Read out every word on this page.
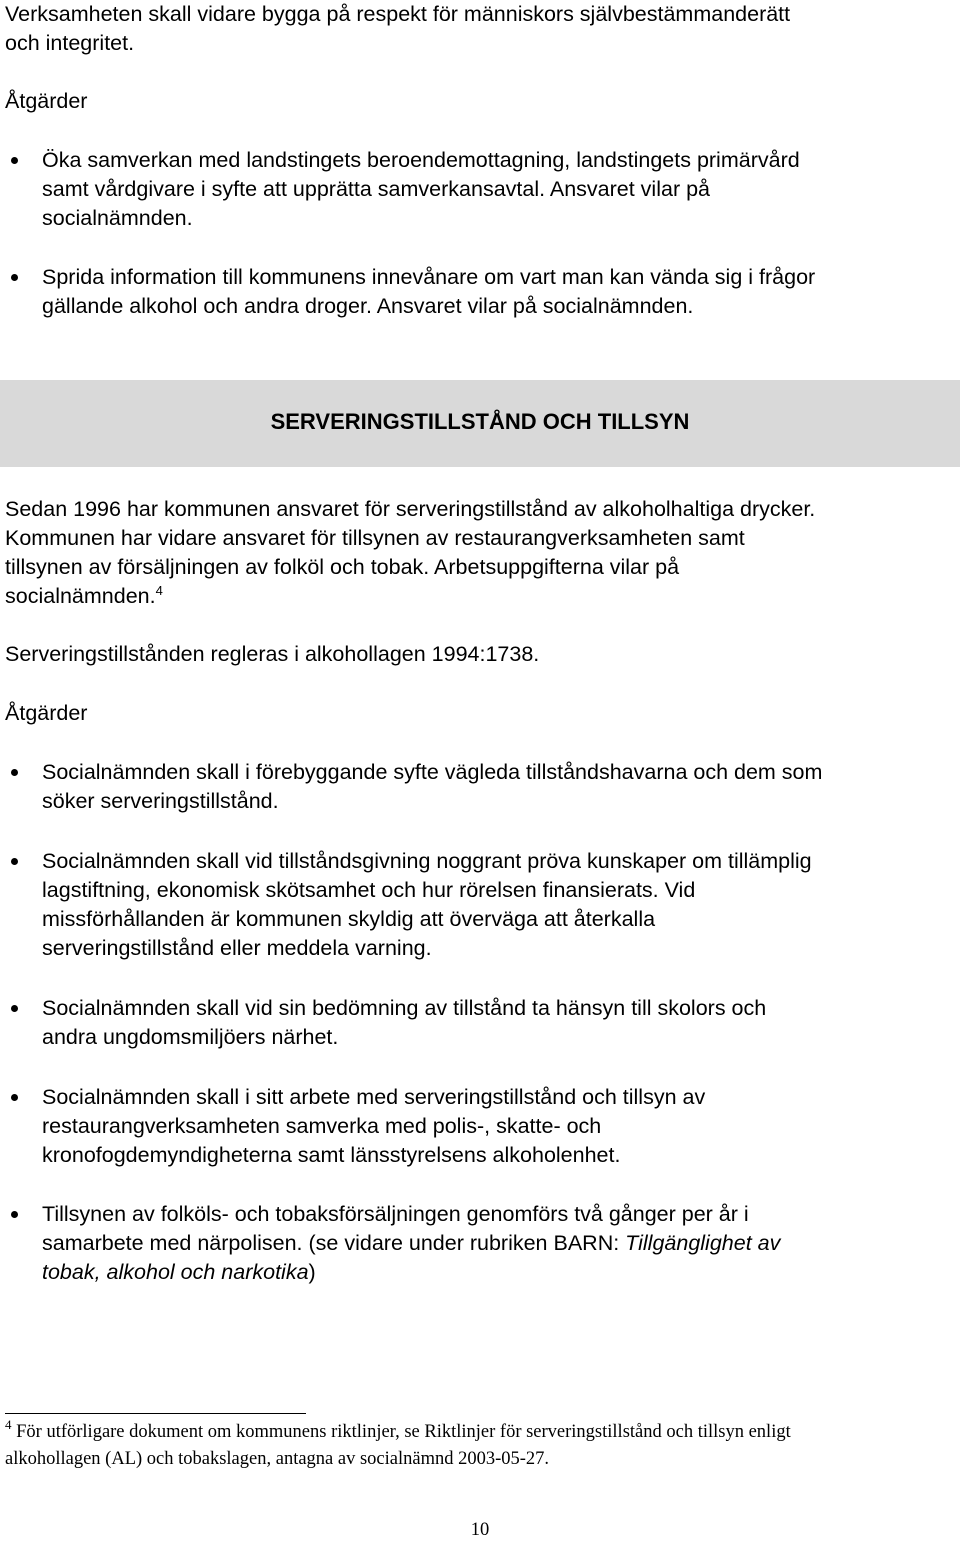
Verksamheten skall vidare bygga på respekt för människors självbestämmanderätt
och integritet.
Åtgärder
Öka samverkan med landstingets beroendemottagning, landstingets primärvård
samt vårdgivare i syfte att upprätta samverkansavtal. Ansvaret vilar på
socialnämnden.
Sprida information till kommunens innevånare om vart man kan vända sig i frågor
gällande alkohol och andra droger. Ansvaret vilar på socialnämnden.
SERVERINGSTILLSTÅND OCH TILLSYN
Sedan 1996 har kommunen ansvaret för serveringstillstånd av alkoholhaltiga drycker.
Kommunen har vidare ansvaret för tillsynen av restaurangverksamheten samt
tillsynen av försäljningen av folköl och tobak. Arbetsuppgifterna vilar på
socialnämnden.$^4$
Serveringstillstånden regleras i alkohollagen 1994:1738.
Åtgärder
Socialnämnden skall i förebyggande syfte vägleda tillståndshavarna och dem som
söker serveringstillstånd.
Socialnämnden skall vid tillståndsgivning noggrant pröva kunskaper om tillämplig
lagstiftning, ekonomisk skötsamhet och hur rörelsen finansierats. Vid
missförhållanden är kommunen skyldig att överväga att återkalla
serveringstillstånd eller meddela varning.
Socialnämnden skall vid sin bedömning av tillstånd ta hänsyn till skolors och
andra ungdomsmiljöers närhet.
Socialnämnden skall i sitt arbete med serveringstillstånd och tillsyn av
restaurangverksamheten samverka med polis-, skatte- och
kronofogdemyndigheterna samt länsstyrelsens alkoholenhet.
Tillsynen av folköls- och tobaksförsäljningen genomförs två gånger per år i
samarbete med närpolisen. (se vidare under rubriken BARN: Tillgänglighet av
tobak, alkohol och narkotika)
$^4$ För utförligare dokument om kommunens riktlinjer, se Riktlinjer för serveringstillstånd och tillsyn enligt
alkohollagen (AL) och tobakslagen, antagna av socialnämnd 2003-05-27.
10
